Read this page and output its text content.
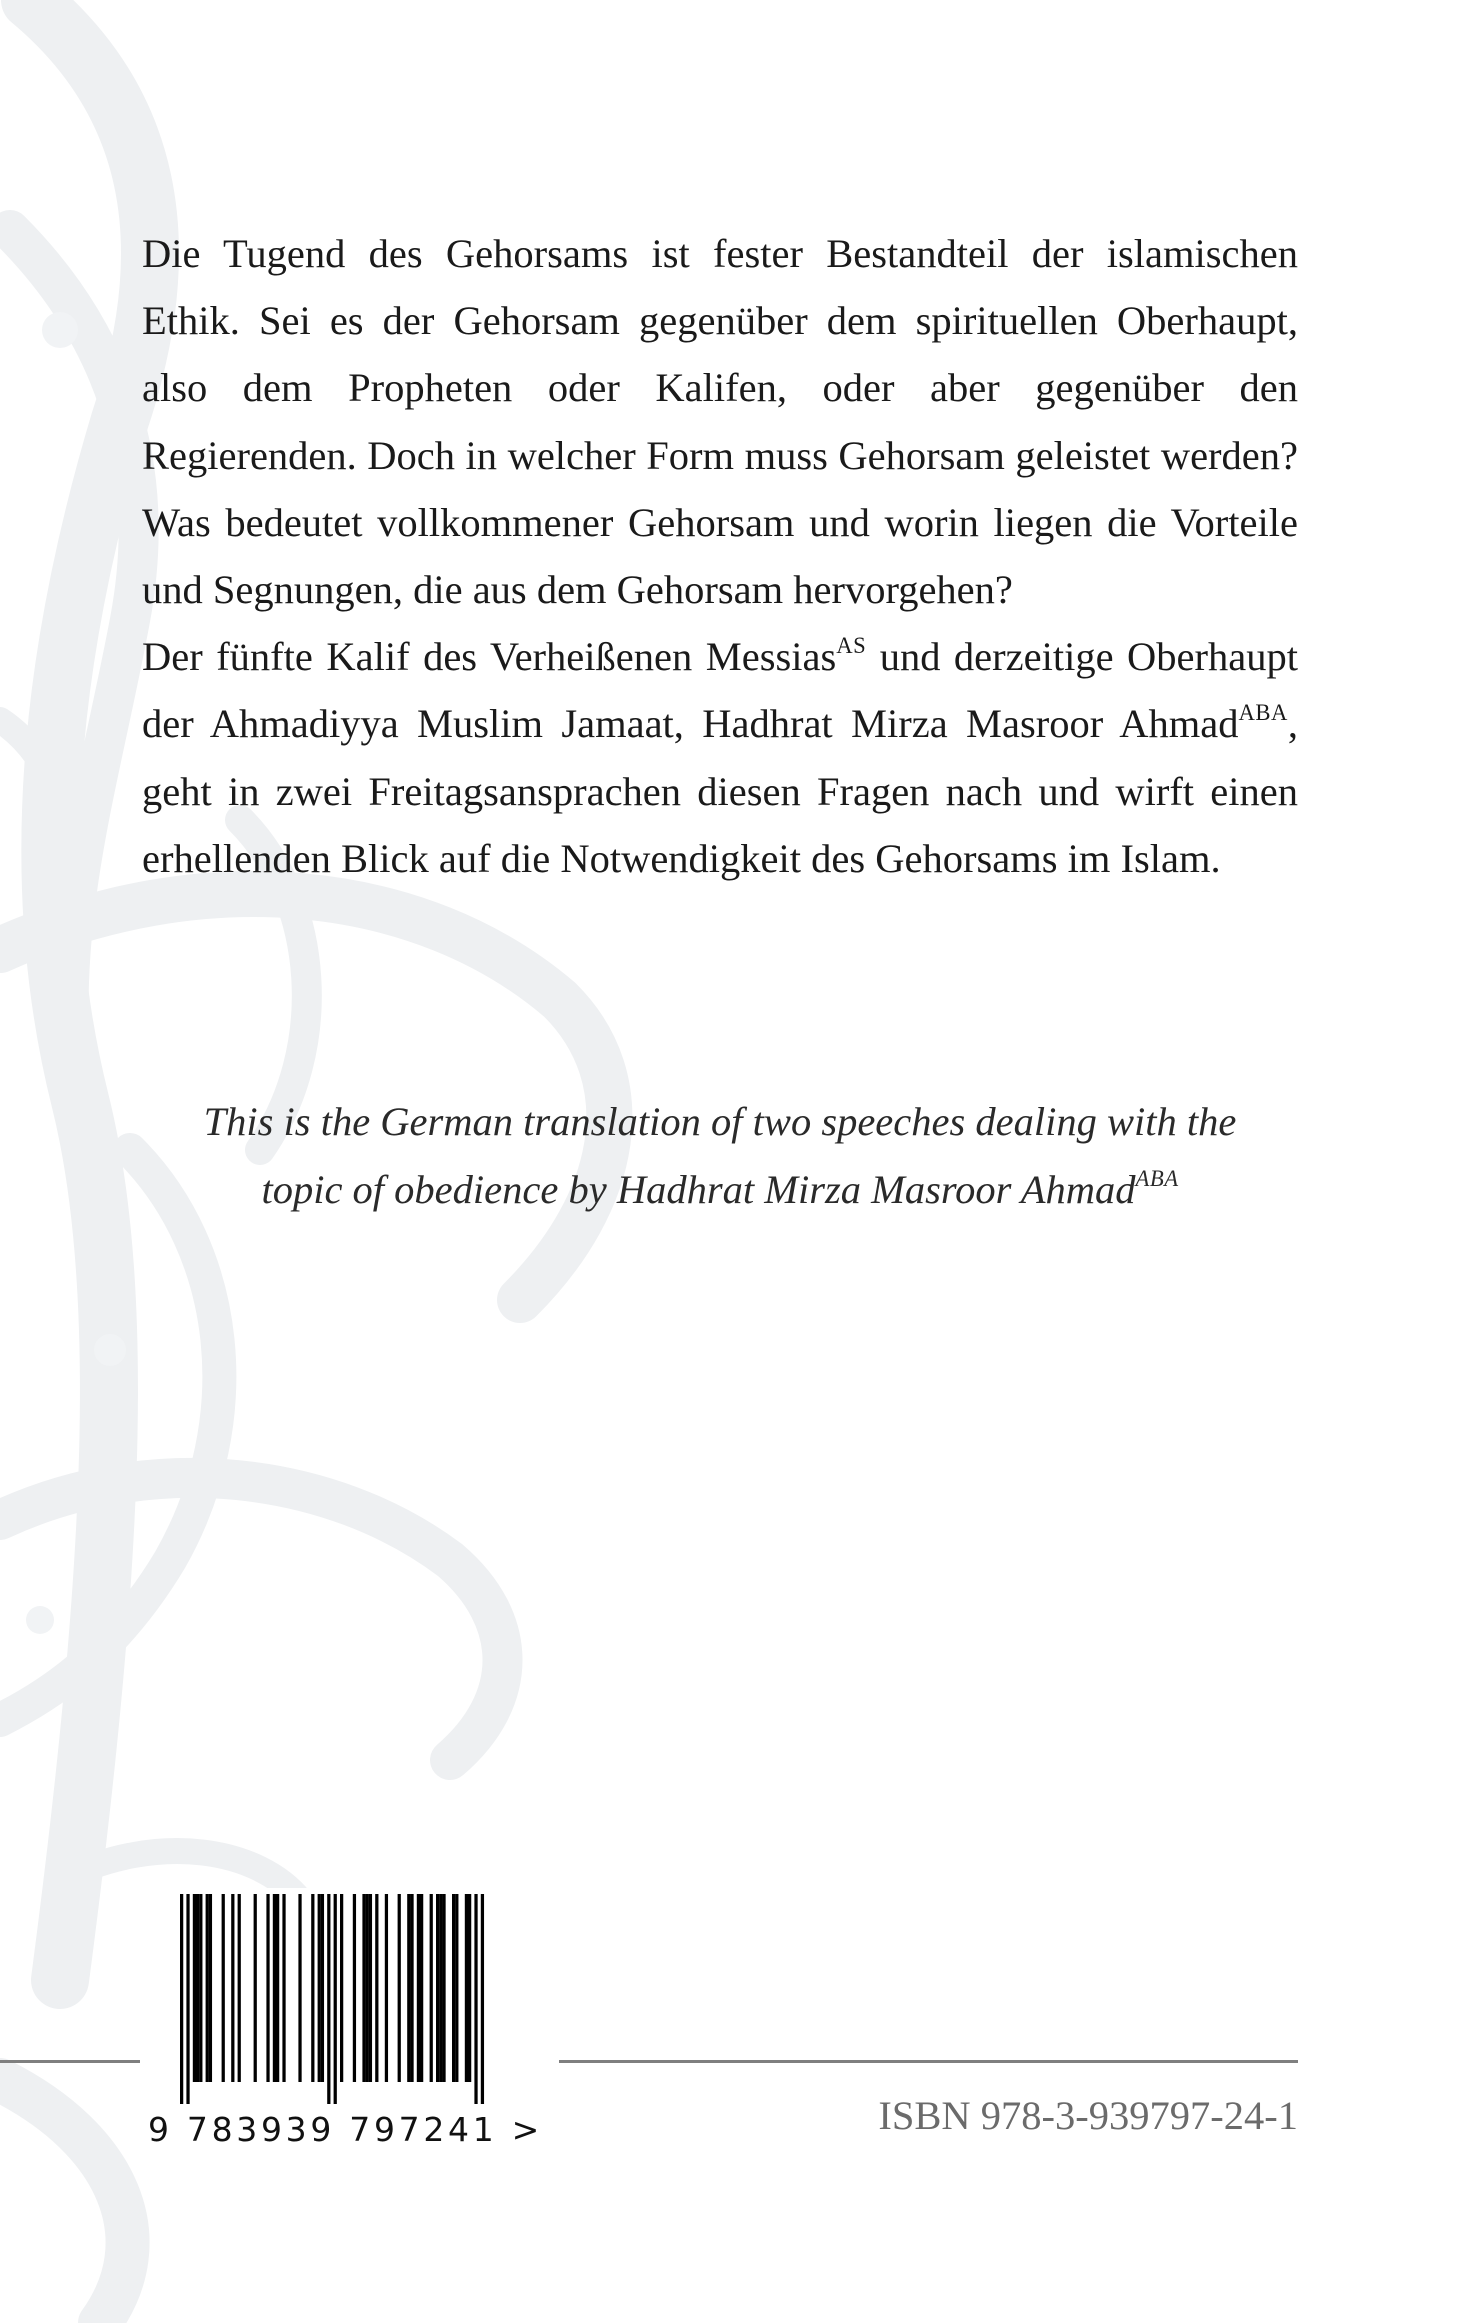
Die Tugend des Gehorsams ist fester Bestandteil der islamischen Ethik. Sei es der Gehorsam gegenüber dem spirituellen Oberhaupt, also dem Propheten oder Kalifen, oder aber gegenüber den Regierenden. Doch in welcher Form muss Gehorsam geleistet werden? Was bedeutet vollkommener Gehorsam und worin liegen die Vorteile und Segnungen, die aus dem Gehorsam hervorgehen?

Der fünfte Kalif des Verheißenen Messias$^{AS}$ und derzeitige Oberhaupt der Ahmadiyya Muslim Jamaat, Hadhrat Mirza Masroor Ahmad$^{ABA}$, geht in zwei Freitagsansprachen diesen Fragen nach und wirft einen erhellenden Blick auf die Notwendigkeit des Gehorsams im Islam.

This is the German translation of two speeches dealing with the
topic of obedience by Hadhrat Mirza Masroor Ahmad$^{ABA}$
9 783939 797241 >	ISBN 978-3-939797-24-1
